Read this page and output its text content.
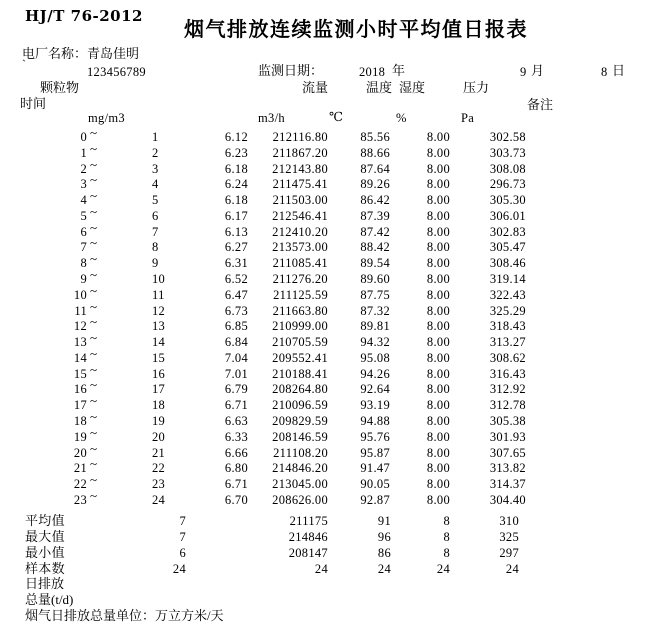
HJ/T 76-2012
烟气排放连续监测小时平均值日报表
电厂名称：青岛佳明
`
123456789	监测日期：	2018 年	9 月	8 日
颗粒物	流量	温度 湿度	压力
时间	备注
mg/m3	m3/h	℃	%	Pa
0 ~	1	6.12 212116.80	85.56	8.00	302.58
1 ~	2	6.23 211867.20	88.66	8.00	303.73
2 ~	3	6.18 212143.80	87.64	8.00	308.08
3 ~	4	6.24 211475.41	89.26	8.00	296.73
4 ~	5	6.18 211503.00	86.42	8.00	305.30
5 ~	6	6.17 212546.41	87.39	8.00	306.01
6 ~	7	6.13 212410.20	87.42	8.00	302.83
7 ~	8	6.27 213573.00	88.42	8.00	305.47
8 ~	9	6.31 211085.41	89.54	8.00	308.46
9 ~	10	6.52 211276.20	89.60	8.00	319.14
10 ~	11	6.47 211125.59	87.75	8.00	322.43
11 ~	12	6.73 211663.80	87.32	8.00	325.29
12 ~	13	6.85 210999.00	89.81	8.00	318.43
13 ~	14	6.84 210705.59	94.32	8.00	313.27
14 ~	15	7.04 209552.41	95.08	8.00	308.62
15 ~	16	7.01 210188.41	94.26	8.00	316.43
16 ~	17	6.79 208264.80	92.64	8.00	312.92
17 ~	18	6.71 210096.59	93.19	8.00	312.78
18 ~	19	6.63 209829.59	94.88	8.00	305.38
19 ~	20	6.33 208146.59	95.76	8.00	301.93
20 ~	21	6.66 211108.20	95.87	8.00	307.65
21 ~	22	6.80 214846.20	91.47	8.00	313.82
22 ~	23	6.71 213045.00	90.05	8.00	314.37
23 ~	24	6.70 208626.00	92.87	8.00	304.40
平均值	7	211175	91	8	310
最大值	7	214846	96	8	325
最小值	6	208147	86	8	297
样本数	24	24	24	24	24
日排放
总量(t/d)
烟气日排放总量单位：万立方米/天
